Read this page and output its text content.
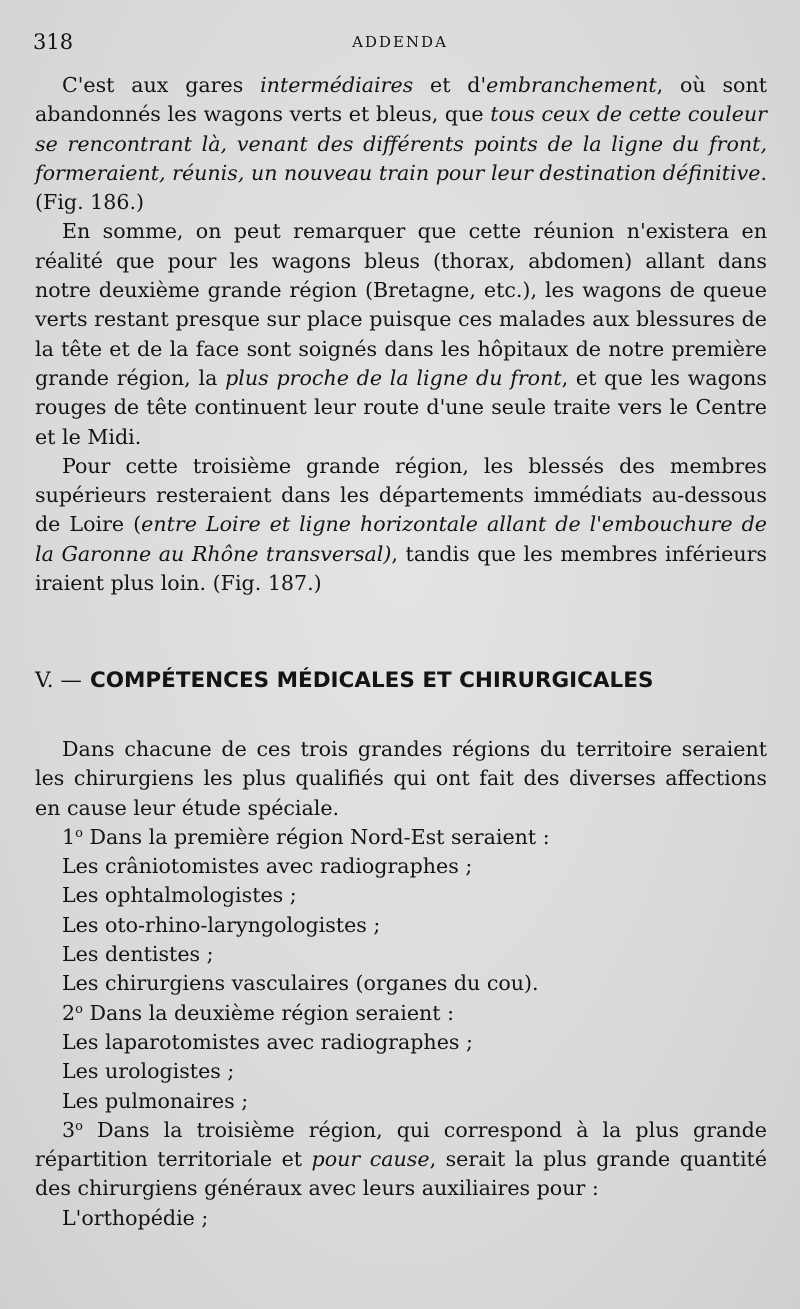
318	ADDENDA

C'est aux gares intermédiaires et d'embranchement, où sont abandonnés les wagons verts et bleus, que tous ceux de cette couleur se rencontrant là, venant des différents points de la ligne du front, formeraient, réunis, un nouveau train pour leur destination définitive. (Fig. 186.)

En somme, on peut remarquer que cette réunion n'existera en réalité que pour les wagons bleus (thorax, abdomen) allant dans notre deuxième grande région (Bretagne, etc.), les wagons de queue verts restant presque sur place puisque ces malades aux blessures de la tête et de la face sont soignés dans les hôpitaux de notre première grande région, la plus proche de la ligne du front, et que les wagons rouges de tête continuent leur route d'une seule traite vers le Centre et le Midi.

Pour cette troisième grande région, les blessés des membres supérieurs resteraient dans les départements immédiats au-dessous de Loire (entre Loire et ligne horizontale allant de l'embouchure de la Garonne au Rhône transversal), tandis que les membres inférieurs iraient plus loin. (Fig. 187.)

V. — COMPÉTENCES MÉDICALES ET CHIRURGICALES

Dans chacune de ces trois grandes régions du territoire seraient les chirurgiens les plus qualifiés qui ont fait des diverses affections en cause leur étude spéciale.

1$^o$ Dans la première région Nord-Est seraient :

Les crâniotomistes avec radiographes ;

Les ophtalmologistes ;

Les oto-rhino-laryngologistes ;

Les dentistes ;

Les chirurgiens vasculaires (organes du cou).

2$^o$ Dans la deuxième région seraient :

Les laparotomistes avec radiographes ;

Les urologistes ;

Les pulmonaires ;

3$^o$ Dans la troisième région, qui correspond à la plus grande répartition territoriale et pour cause, serait la plus grande quantité des chirurgiens généraux avec leurs auxiliaires pour :

L'orthopédie ;
